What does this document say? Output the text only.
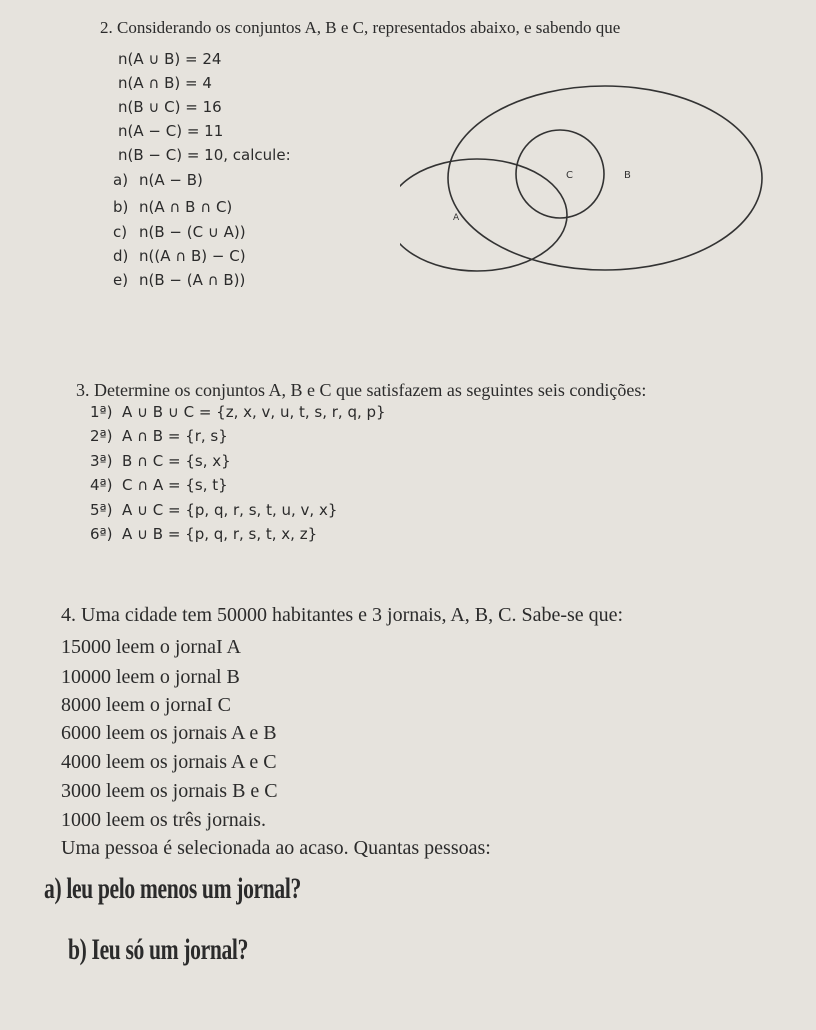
2. Considerando os conjuntos A, B e C, representados abaixo, e sabendo que
n(A ∪ B) = 24
n(A ∩ B) = 4
n(B ∪ C) = 16
n(A − C) = 11
n(B − C) = 10, calcule:
a) n(A − B)
b) n(A ∩ B ∩ C)
c) n(B − (C ∪ A))
d) n((A ∩ B) − C)
e) n(B − (A ∩ B))
C	B
A
3. Determine os conjuntos A, B e C que satisfazem as seguintes seis condições:
1ª) A ∪ B ∪ C = {z, x, v, u, t, s, r, q, p}
2ª) A ∩ B = {r, s}
3ª) B ∩ C = {s, x}
4ª) C ∩ A = {s, t}
5ª) A ∪ C = {p, q, r, s, t, u, v, x}
6ª) A ∪ B = {p, q, r, s, t, x, z}
4. Uma cidade tem 50000 habitantes e 3 jornais, A, B, C. Sabe-se que:
15000 leem o jornaI A
10000 leem o jornal B
8000 leem o jornaI C
6000 leem os jornais A e B
4000 leem os jornais A e C
3000 leem os jornais B e C
1000 leem os três jornais.
Uma pessoa é selecionada ao acaso. Quantas pessoas:
a) leu pelo menos um jornal?
b) Ieu só um jornal?
